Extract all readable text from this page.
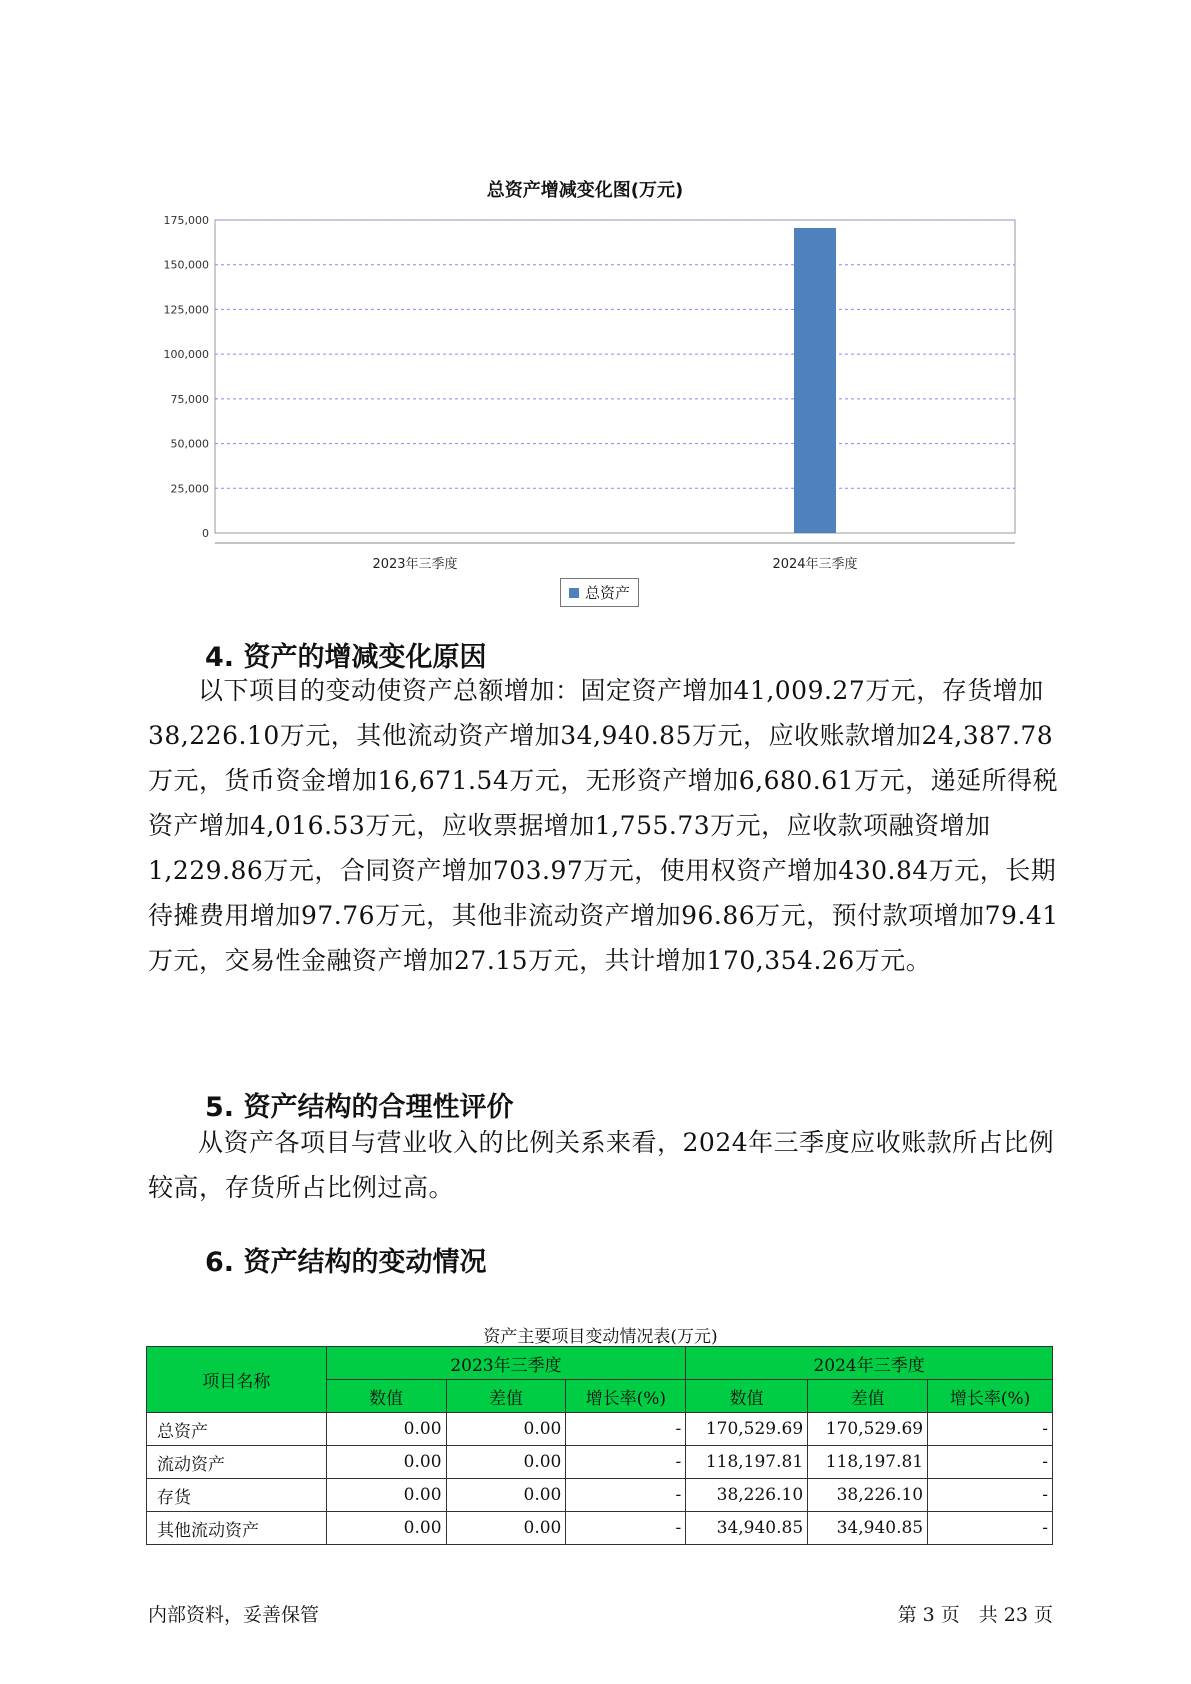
总资产增减变化图(万元)
175,000
150,000
125,000
100,000
75,000
50,000
25,000
0
2023年三季度	2024年三季度
总资产
4. 资产的增减变化原因

以下项目的变动使资产总额增加：固定资产增加41,009.27万元，存货增加38,226.10万元，其他流动资产增加34,940.85万元，应收账款增加24,387.78万元，货币资金增加16,671.54万元，无形资产增加6,680.61万元，递延所得税资产增加4,016.53万元，应收票据增加1,755.73万元，应收款项融资增加1,229.86万元，合同资产增加703.97万元，使用权资产增加430.84万元，长期待摊费用增加97.76万元，其他非流动资产增加96.86万元，预付款项增加79.41万元，交易性金融资产增加27.15万元，共计增加170,354.26万元。

5. 资产结构的合理性评价

从资产各项目与营业收入的比例关系来看，2024年三季度应收账款所占比例较高，存货所占比例过高。

6. 资产结构的变动情况
资产主要项目变动情况表(万元)
项目名称	2023年三季度			2024年三季度		
	数值	差值	增长率(%)	数值	差值	增长率(%)
总资产	0.00	0.00	-	170,529.69	170,529.69	-
流动资产	0.00	0.00	-	118,197.81	118,197.81	-
存货	0.00	0.00	-	38,226.10	38,226.10	-
其他流动资产	0.00	0.00	-	34,940.85	34,940.85	-
内部资料，妥善保管	第 3 页　共 23 页
